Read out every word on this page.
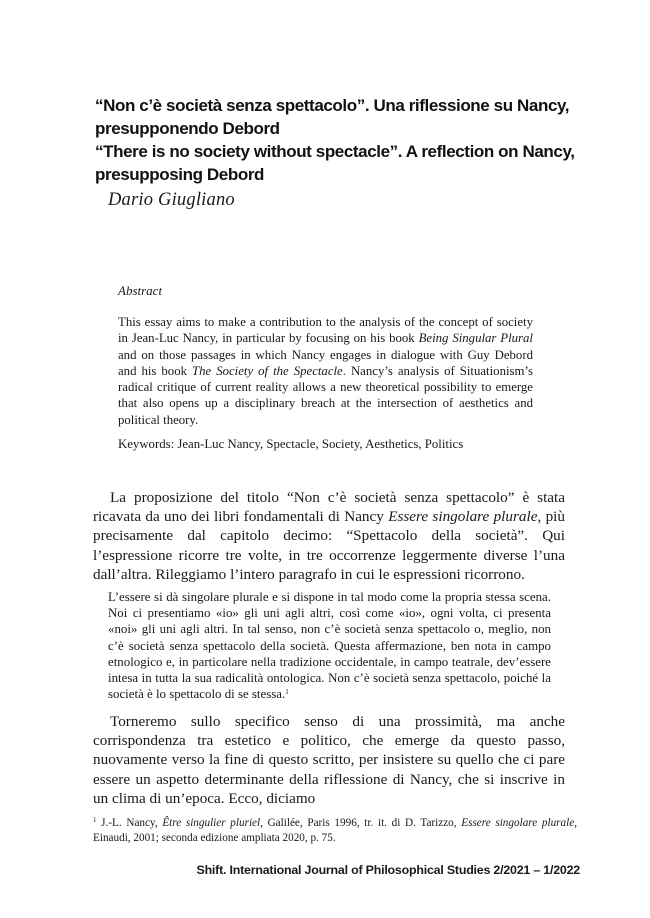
“Non c’è società senza spettacolo”. Una riflessione su Nancy,
presupponendo Debord
“There is no society without spectacle”. A reflection on Nancy,
presupposing Debord

Dario Giugliano

Abstract

This essay aims to make a contribution to the analysis of the concept of society in Jean-Luc Nancy, in particular by focusing on his book Being Singular Plural and on those passages in which Nancy engages in dialogue with Guy Debord and his book The Society of the Spectacle. Nancy’s analysis of Situationism’s radical critique of current reality allows a new theoretical possibility to emerge that also opens up a disciplinary breach at the intersection of aesthetics and political theory.

Keywords: Jean-Luc Nancy, Spectacle, Society, Aesthetics, Politics

La proposizione del titolo “Non c’è società senza spettacolo” è stata ricavata da uno dei libri fondamentali di Nancy Essere singolare plurale, più precisamente dal capitolo decimo: “Spettacolo della società”. Qui l’espressione ricorre tre volte, in tre occorrenze leggermente diverse l’una dall’altra. Rileggiamo l’intero paragrafo in cui le espressioni ricorrono.

L’essere si dà singolare plurale e si dispone in tal modo come la propria stessa scena. Noi ci presentiamo «io» gli uni agli altri, così come «io», ogni volta, ci presenta «noi» gli uni agli altri. In tal senso, non c’è società senza spettacolo o, meglio, non c’è società senza spettacolo della società. Questa affermazione, ben nota in campo etnologico e, in particolare nella tradizione occidentale, in campo teatrale, dev’essere intesa in tutta la sua radicalità ontologica. Non c’è società senza spettacolo, poiché la società è lo spettacolo di se stessa.$^1$

Torneremo sullo specifico senso di una prossimità, ma anche corrispondenza tra estetico e politico, che emerge da questo passo, nuovamente verso la fine di questo scritto, per insistere su quello che ci pare essere un aspetto determinante della riflessione di Nancy, che si inscrive in un clima di un’epoca. Ecco, diciamo

$^1$ J.-L. Nancy, Être singulier pluriel, Galilée, Paris 1996, tr. it. di D. Tarizzo, Essere singolare plurale, Einaudi, 2001; seconda edizione ampliata 2020, p. 75.

Shift. International Journal of Philosophical Studies 2/2021 – 1/2022
